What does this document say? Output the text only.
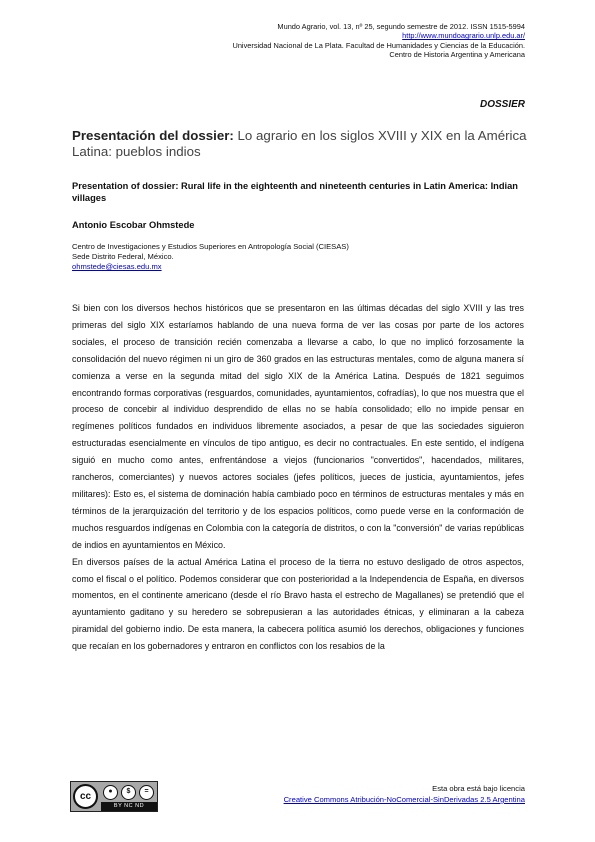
Mundo Agrario, vol. 13, nº 25, segundo semestre de 2012. ISSN 1515-5994
http://www.mundoagrario.unlp.edu.ar/
Universidad Nacional de La Plata. Facultad de Humanidades y Ciencias de la Educación.
Centro de Historia Argentina y Americana
DOSSIER
Presentación del dossier: Lo agrario en los siglos XVIII y XIX en la América Latina: pueblos indios
Presentation of dossier: Rural life in the eighteenth and nineteenth centuries in Latin America: Indian villages
Antonio Escobar Ohmstede
Centro de Investigaciones y Estudios Superiores en Antropología Social (CIESAS)
Sede Distrito Federal, México.
ohmstede@ciesas.edu.mx

Si bien con los diversos hechos históricos que se presentaron en las últimas décadas del siglo XVIII y las tres primeras del siglo XIX estaríamos hablando de una nueva forma de ver las cosas por parte de los actores sociales, el proceso de transición recién comenzaba a llevarse a cabo, lo que no implicó forzosamente la consolidación del nuevo régimen ni un giro de 360 grados en las estructuras mentales, como de alguna manera sí comienza a verse en la segunda mitad del siglo XIX de la América Latina. Después de 1821 seguimos encontrando formas corporativas (resguardos, comunidades, ayuntamientos, cofradías), lo que nos muestra que el proceso de concebir al individuo desprendido de ellas no se había consolidado; ello no impide pensar en regímenes políticos fundados en individuos libremente asociados, a pesar de que las sociedades siguieron estructuradas esencialmente en vínculos de tipo antiguo, es decir no contractuales. En este sentido, el indígena siguió en mucho como antes, enfrentándose a viejos (funcionarios "convertidos", hacendados, militares, rancheros, comerciantes) y nuevos actores sociales (jefes políticos, jueces de justicia, ayuntamientos, jefes militares): Esto es, el sistema de dominación había cambiado poco en términos de estructuras mentales y más en términos de la jerarquización del territorio y de los espacios políticos, como puede verse en la conformación de muchos resguardos indígenas en Colombia con la categoría de distritos, o con la "conversión" de varias repúblicas de indios en ayuntamientos en México.

En diversos países de la actual América Latina el proceso de la tierra no estuvo desligado de otros aspectos, como el fiscal o el político. Podemos considerar que con posterioridad a la Independencia de España, en diversos momentos, en el continente americano (desde el río Bravo hasta el estrecho de Magallanes) se pretendió que el ayuntamiento gaditano y su heredero se sobrepusieran a las autoridades étnicas, y eliminaran a la cabeza piramidal del gobierno indio. De esta manera, la cabecera política asumió los derechos, obligaciones y funciones que recaían en los gobernadores y entraron en conflictos con los resabios de la

cc	●	$	=
BY NC ND
Esta obra está bajo licencia
Creative Commons Atribución-NoComercial-SinDerivadas 2.5 Argentina
